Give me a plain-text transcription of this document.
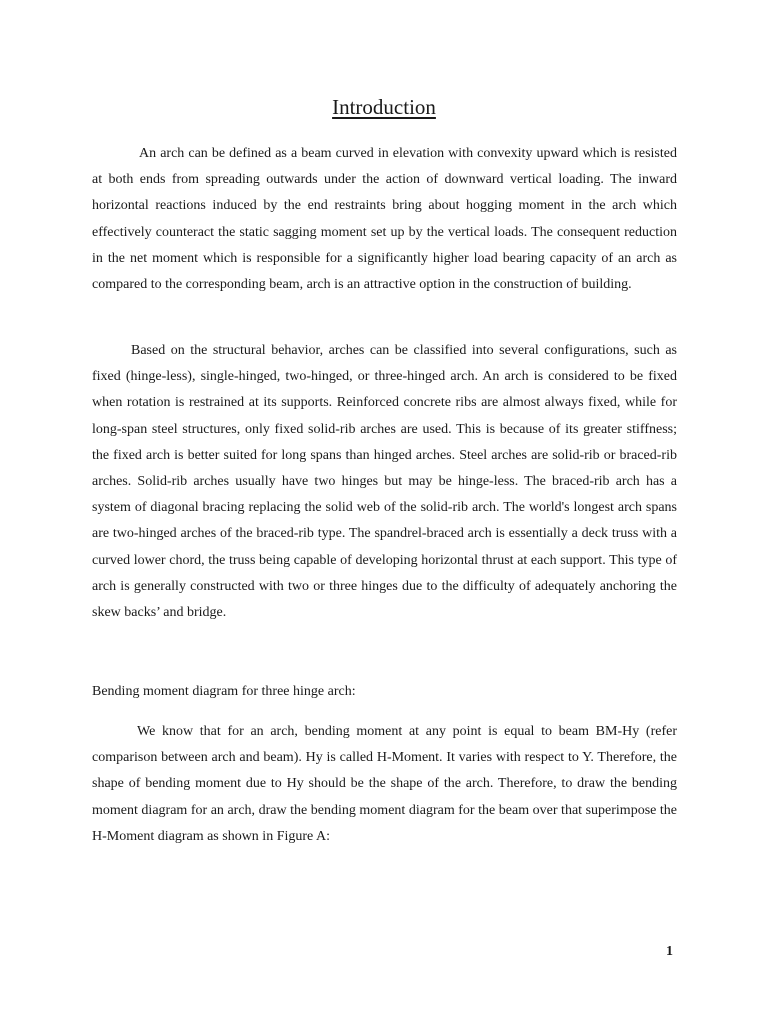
Introduction

An arch can be defined as a beam curved in elevation with convexity upward which is resisted at both ends from spreading outwards under the action of downward vertical loading. The inward horizontal reactions induced by the end restraints bring about hogging moment in the arch which effectively counteract the static sagging moment set up by the vertical loads. The consequent reduction in the net moment which is responsible for a significantly higher load bearing capacity of an arch as compared to the corresponding beam, arch is an attractive option in the construction of building.

Based on the structural behavior, arches can be classified into several configurations, such as fixed (hinge-less), single-hinged, two-hinged, or three-hinged arch. An arch is considered to be fixed when rotation is restrained at its supports. Reinforced concrete ribs are almost always fixed, while for long-span steel structures, only fixed solid-rib arches are used. This is because of its greater stiffness; the fixed arch is better suited for long spans than hinged arches. Steel arches are solid-rib or braced-rib arches. Solid-rib arches usually have two hinges but may be hinge-less. The braced-rib arch has a system of diagonal bracing replacing the solid web of the solid-rib arch. The world's longest arch spans are two-hinged arches of the braced-rib type. The spandrel-braced arch is essentially a deck truss with a curved lower chord, the truss being capable of developing horizontal thrust at each support. This type of arch is generally constructed with two or three hinges due to the difficulty of adequately anchoring the skew backs’ and bridge.

Bending moment diagram for three hinge arch:

We know that for an arch, bending moment at any point is equal to beam BM-Hy (refer comparison between arch and beam). Hy is called H-Moment. It varies with respect to Y. Therefore, the shape of bending moment due to Hy should be the shape of the arch. Therefore, to draw the bending moment diagram for an arch, draw the bending moment diagram for the beam over that superimpose the H-Moment diagram as shown in Figure A:

1
